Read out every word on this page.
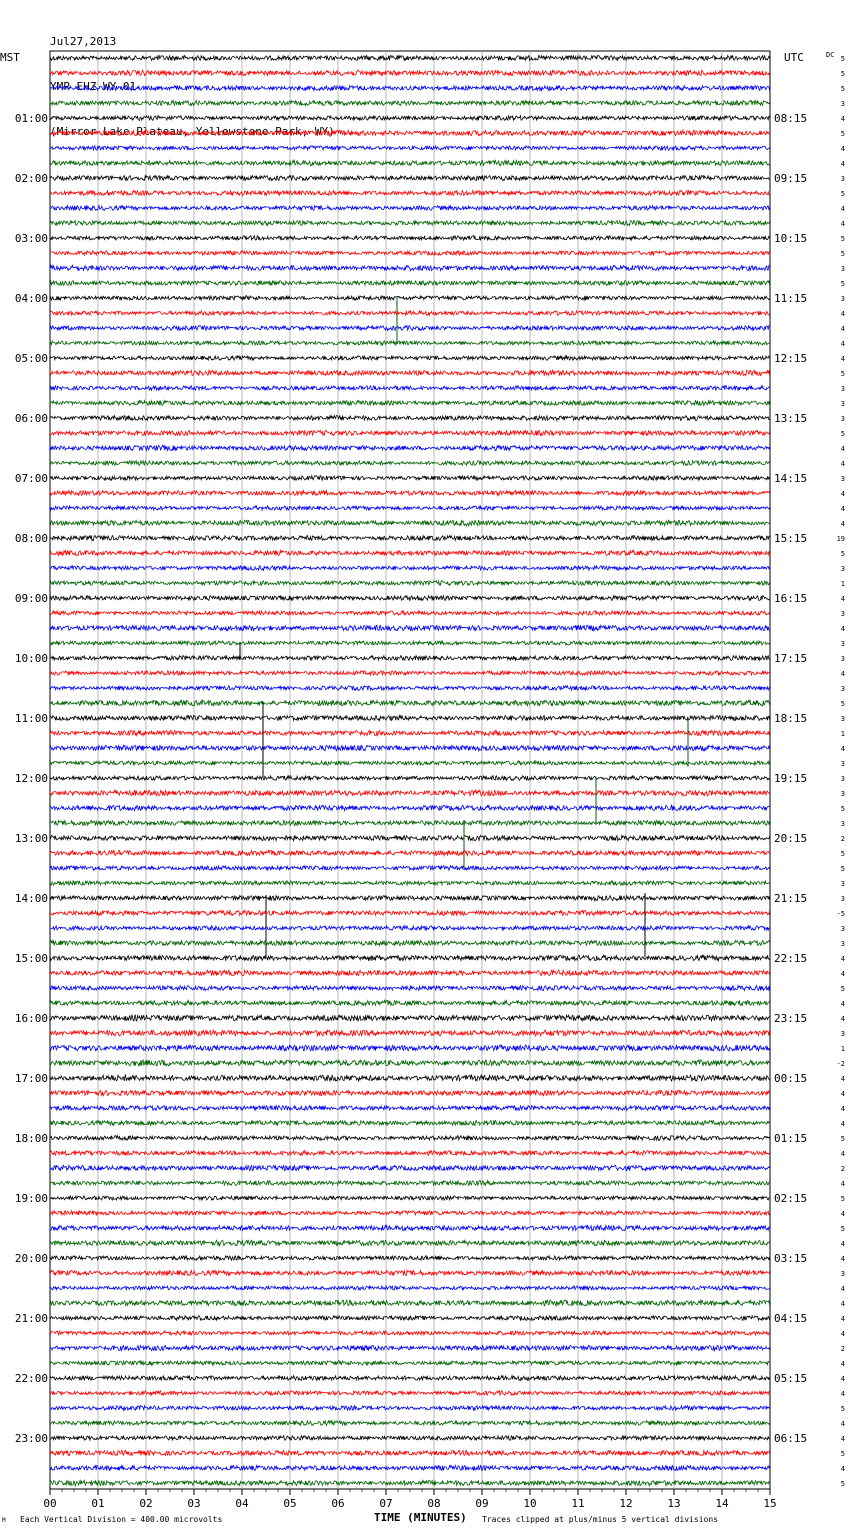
Jul27,2013

YMP EHZ WY 01

(Mirror Lake Plateau, Yellowstone Park, WY)

5
5
5
3
4
5
4
4
3
5
4
4
5
5
3
5
3
4
4
4
4
5
3
3
3
5
4
4
3
4
4
4
19
5
3
1
4
3
4
3
3
4
3
5
3
1
4
3
3
3
5
3
2
5
5
3
3
-5
3
3
4
4
5
4
4
3
1
-2
4
4
4
4
5
4
2
4
5
4
5
4
4
3
4
4
4
4
2
4
4
4
5
4
4
5
4
5
MST	UTC	DC
01:00
02:00
03:00
04:00
05:00
06:00
07:00
08:00
09:00
10:00
11:00
12:00
13:00
14:00
15:00
16:00
17:00
18:00
19:00
20:00
21:00
22:00
23:00
08:15
09:15
10:15
11:15
12:15
13:15
14:15
15:15
16:15
17:15
18:15
19:15
20:15
21:15
22:15
23:15
00:15
01:15
02:15
03:15
04:15
05:15
06:15
00	01	02	03	04	05	06	07	08	09	10	11	12	13	14	15
M Each Vertical Division = 400.00 microvolts	TIME (MINUTES) Traces clipped at plus/minus 5 vertical divisions
